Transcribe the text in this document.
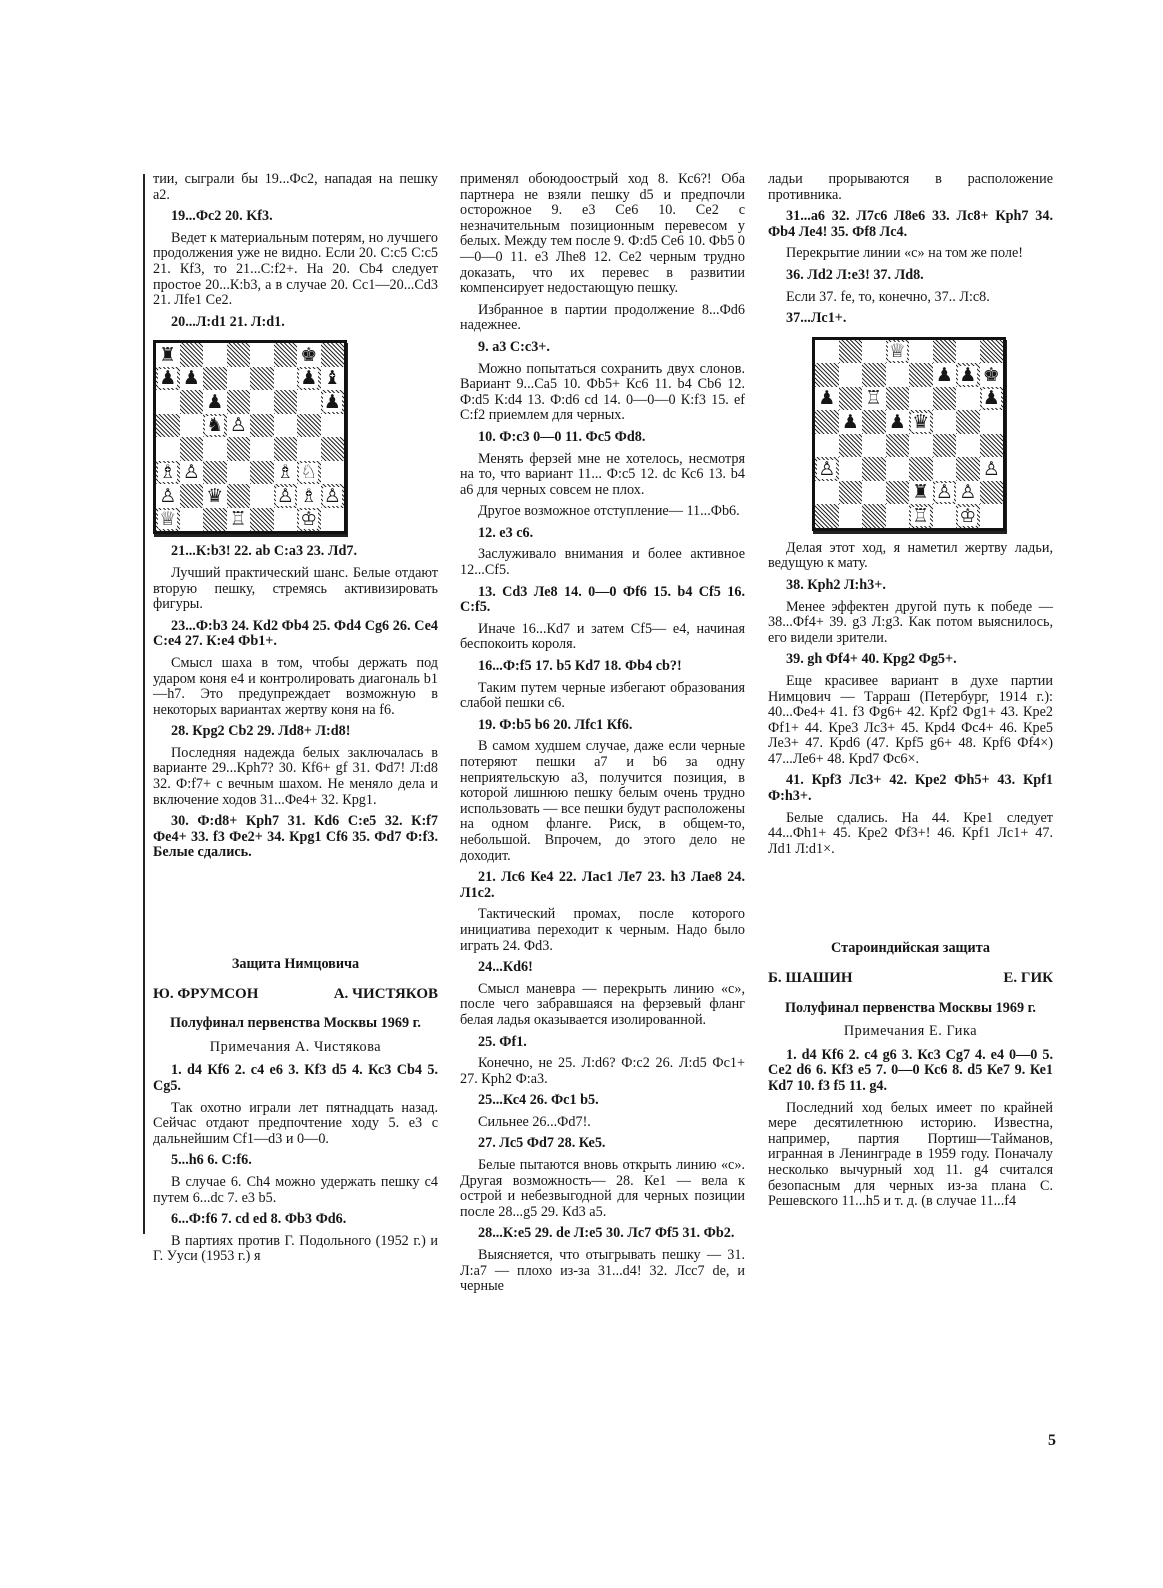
тии, сыграли бы 19...Фс2, нападая на пешку а2.

19...Фс2 20. Kf3.

Ведет к материальным потерям, но лучшего продолжения уже не видно. Если 20. С:с5 С:с5 21. Кf3, то 21...С:f2+. На 20. Сb4 следует простое 20...К:b3, а в случае 20. Сс1—20...Сd3 21. Лfe1 Се2.

20...Л:d1 21. Л:d1.

♜	♚
♟ ♟	♟ ♝
♟	♟
♞ ♙
♗ ♙	♗ ♘
♙ ♛	♙ ♗ ♙
♕	♖	♔

21...К:b3! 22. ab С:а3 23. Лd7.

Лучший практический шанс. Белые отдают вторую пешку, стремясь активизировать фигуры.

23...Ф:b3 24. Кd2 Фb4 25. Фd4 Сg6 26. Се4 С:е4 27. К:е4 Фb1+.

Смысл шаха в том, чтобы держать под ударом коня е4 и контролировать диагональ b1—h7. Это предупреждает возможную в некоторых вариантах жертву коня на f6.

28. Кpg2 Сb2 29. Лd8+ Л:d8!

Последняя надежда белых заключалась в варианте 29...Кph7? 30. Кf6+ gf 31. Фd7! Л:d8 32. Ф:f7+ с вечным шахом. Не меняло дела и включение ходов 31...Фе4+ 32. Кpg1.

30. Ф:d8+ Кph7 31. Кd6 С:е5 32. К:f7 Фе4+ 33. f3 Фе2+ 34. Кpg1 Сf6 35. Фd7 Ф:f3. Белые сдались.

Защита Нимцовича
Ю. ФРУМСОН	А. ЧИСТЯКОВ
Полуфинал первенства Москвы 1969 г.
Примечания А. Чистякова

1. d4 Кf6 2. с4 е6 3. Кf3 d5 4. Кс3 Сb4 5. Сg5.

Так охотно играли лет пятнадцать назад. Сейчас отдают предпочтение ходу 5. е3 с дальнейшим Сf1—d3 и 0—0.

5...h6 6. С:f6.

В случае 6. Сh4 можно удержать пешку с4 путем 6...dc 7. е3 b5.

6...Ф:f6 7. cd ed 8. Фb3 Фd6.

В партиях против Г. Подольного (1952 г.) и Г. Ууси (1953 г.) я

применял обоюдоострый ход 8. Кс6?! Оба партнера не взяли пешку d5 и предпочли осторожное 9. е3 Се6 10. Се2 с незначительным позиционным перевесом у белых. Между тем после 9. Ф:d5 Се6 10. Фb5 0—0—0 11. е3 Лhe8 12. Се2 черным трудно доказать, что их перевес в развитии компенсирует недостающую пешку.

Избранное в партии продолжение 8...Фd6 надежнее.

9. а3 С:с3+.

Можно попытаться сохранить двух слонов. Вариант 9...Са5 10. Фb5+ Кс6 11. b4 Сb6 12. Ф:d5 К:d4 13. Ф:d6 cd 14. 0—0—0 К:f3 15. ef С:f2 приемлем для черных.

10. Ф:с3 0—0 11. Фс5 Фd8.

Менять ферзей мне не хотелось, несмотря на то, что вариант 11... Ф:с5 12. dc Кс6 13. b4 а6 для черных совсем не плох.

Другое возможное отступление— 11...Фb6.

12. е3 с6.

Заслуживало внимания и более активное 12...Сf5.

13. Сd3 Ле8 14. 0—0 Фf6 15. b4 Сf5 16. С:f5.

Иначе 16...Кd7 и затем Сf5— е4, начиная беспокоить короля.

16...Ф:f5 17. b5 Кd7 18. Фb4 cb?!

Таким путем черные избегают образования слабой пешки с6.

19. Ф:b5 b6 20. Лfc1 Кf6.

В самом худшем случае, даже если черные потеряют пешки а7 и b6 за одну неприятельскую а3, получится позиция, в которой лишнюю пешку белым очень трудно использовать — все пешки будут расположены на одном фланге. Риск, в общем-то, небольшой. Впрочем, до этого дело не доходит.

21. Лс6 Ке4 22. Лас1 Ле7 23. h3 Лае8 24. Л1с2.

Тактический промах, после которого инициатива переходит к черным. Надо было играть 24. Фd3.

24...Кd6!

Смысл маневра — перекрыть линию «с», после чего забравшаяся на ферзевый фланг белая ладья оказывается изолированной.

25. Фf1.

Конечно, не 25. Л:d6? Ф:с2 26. Л:d5 Фс1+ 27. Кph2 Ф:а3.

25...Кс4 26. Фс1 b5.

Сильнее 26...Фd7!.

27. Лс5 Фd7 28. Ке5.

Белые пытаются вновь открыть линию «с». Другая возможность— 28. Ке1 — вела к острой и небезвыгодной для черных позиции после 28...g5 29. Кd3 а5.

28...К:е5 29. de Л:е5 30. Лс7 Фf5 31. Фb2.

Выясняется, что отыгрывать пешку — 31. Л:а7 — плохо из-за 31...d4! 32. Лсс7 de, и черные

ладьи прорываются в расположение противника.

31...а6 32. Л7с6 Л8е6 33. Лс8+ Кph7 34. Фb4 Ле4! 35. Фf8 Лс4.

Перекрытие линии «с» на том же поле!

36. Лd2 Л:е3! 37. Лd8.

Если 37. fe, то, конечно, 37.. Л:с8.

37...Лс1+.

♕
♟ ♟ ♚
♟ ♖	♟
♟ ♟ ♛
♙	♙
♜ ♙ ♙
♖ ♔

Делая этот ход, я наметил жертву ладьи, ведущую к мату.

38. Кph2 Л:h3+.

Менее эффектен другой путь к победе — 38...Фf4+ 39. g3 Л:g3. Как потом выяснилось, его видели зрители.

39. gh Фf4+ 40. Кpg2 Фg5+.

Еще красивее вариант в духе партии Нимцович — Тарраш (Петербург, 1914 г.): 40...Фе4+ 41. f3 Фg6+ 42. Кpf2 Фg1+ 43. Кре2 Фf1+ 44. Кре3 Лс3+ 45. Кpd4 Фс4+ 46. Кре5 Ле3+ 47. Кpd6 (47. Кpf5 g6+ 48. Кpf6 Фf4×) 47...Ле6+ 48. Кpd7 Фс6×.

41. Кpf3 Лс3+ 42. Кре2 Фh5+ 43. Кpf1 Ф:h3+.

Белые сдались. На 44. Кре1 следует 44...Фh1+ 45. Кре2 Фf3+! 46. Кpf1 Лс1+ 47. Лd1 Л:d1×.

Староиндийская защита
Б. ШАШИН	Е. ГИК
Полуфинал первенства Москвы 1969 г.
Примечания Е. Гика

1. d4 Кf6 2. с4 g6 3. Кс3 Сg7 4. е4 0—0 5. Се2 d6 6. Кf3 е5 7. 0—0 Кс6 8. d5 Ке7 9. Ке1 Кd7 10. f3 f5 11. g4.

Последний ход белых имеет по крайней мере десятилетнюю историю. Известна, например, партия Портиш—Тайманов, игранная в Ленинграде в 1959 году. Поначалу несколько вычурный ход 11. g4 считался безопасным для черных из-за плана С. Решевского 11...h5 и т. д. (в случае 11...f4

5
